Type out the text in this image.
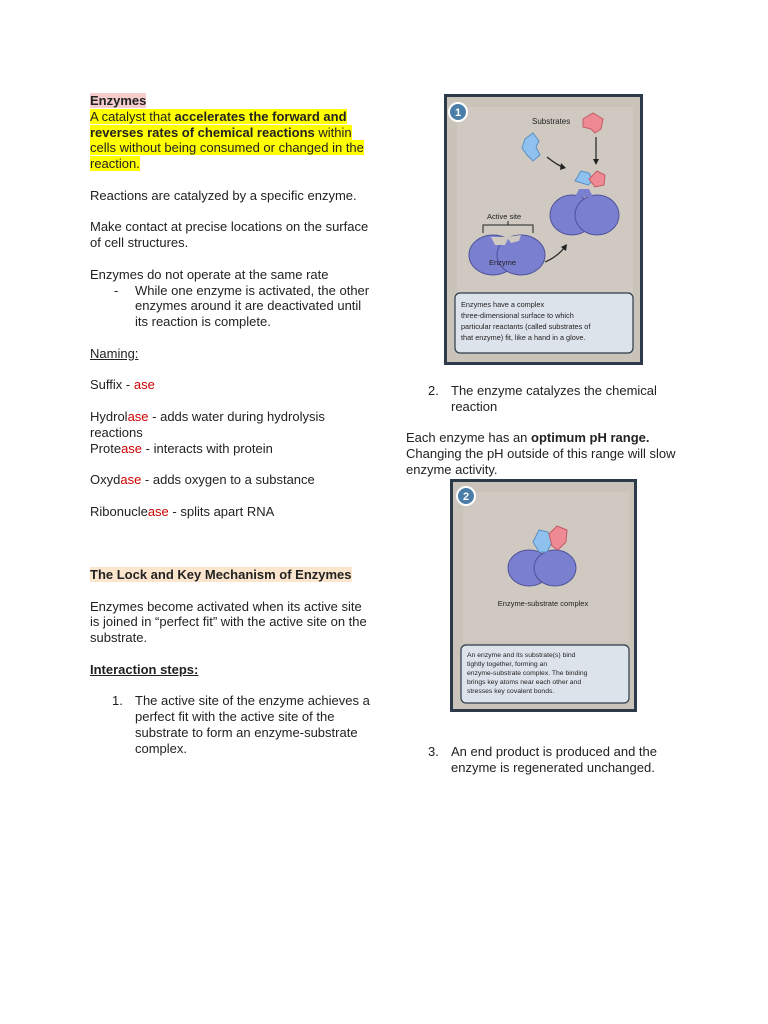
Enzymes

A catalyst that accelerates the forward and reverses rates of chemical reactions within cells without being consumed or changed in the reaction.

Reactions are catalyzed by a specific enzyme.

Make contact at precise locations on the surface of cell structures.

Enzymes do not operate at the same rate

- While one enzyme is activated, the other enzymes around it are deactivated until its reaction is complete.

Naming:

Suffix - ase

Hydrolase - adds water during hydrolysis reactions

Protease - interacts with protein

Oxydase - adds oxygen to a substance

Ribonuclease - splits apart RNA

The Lock and Key Mechanism of Enzymes

Enzymes become activated when its active site is joined in “perfect fit” with the active site on the substrate.

Interaction steps:

1. The active site of the enzyme achieves a perfect fit with the active site of the substrate to form an enzyme-substrate complex.
1
Substrates
Active site
Enzyme
Enzymes have a complex three-dimensional surface to which particular reactants (called substrates of that enzyme) fit, like a hand in a glove.
2. The enzyme catalyzes the chemical reaction

Each enzyme has an optimum pH range. Changing the pH outside of this range will slow enzyme activity.

2
Enzyme-substrate complex
An enzyme and its substrate(s) bind tightly together, forming an enzyme-substrate complex. The binding brings key atoms near each other and stresses key covalent bonds.
3. An end product is produced and the enzyme is regenerated unchanged.
